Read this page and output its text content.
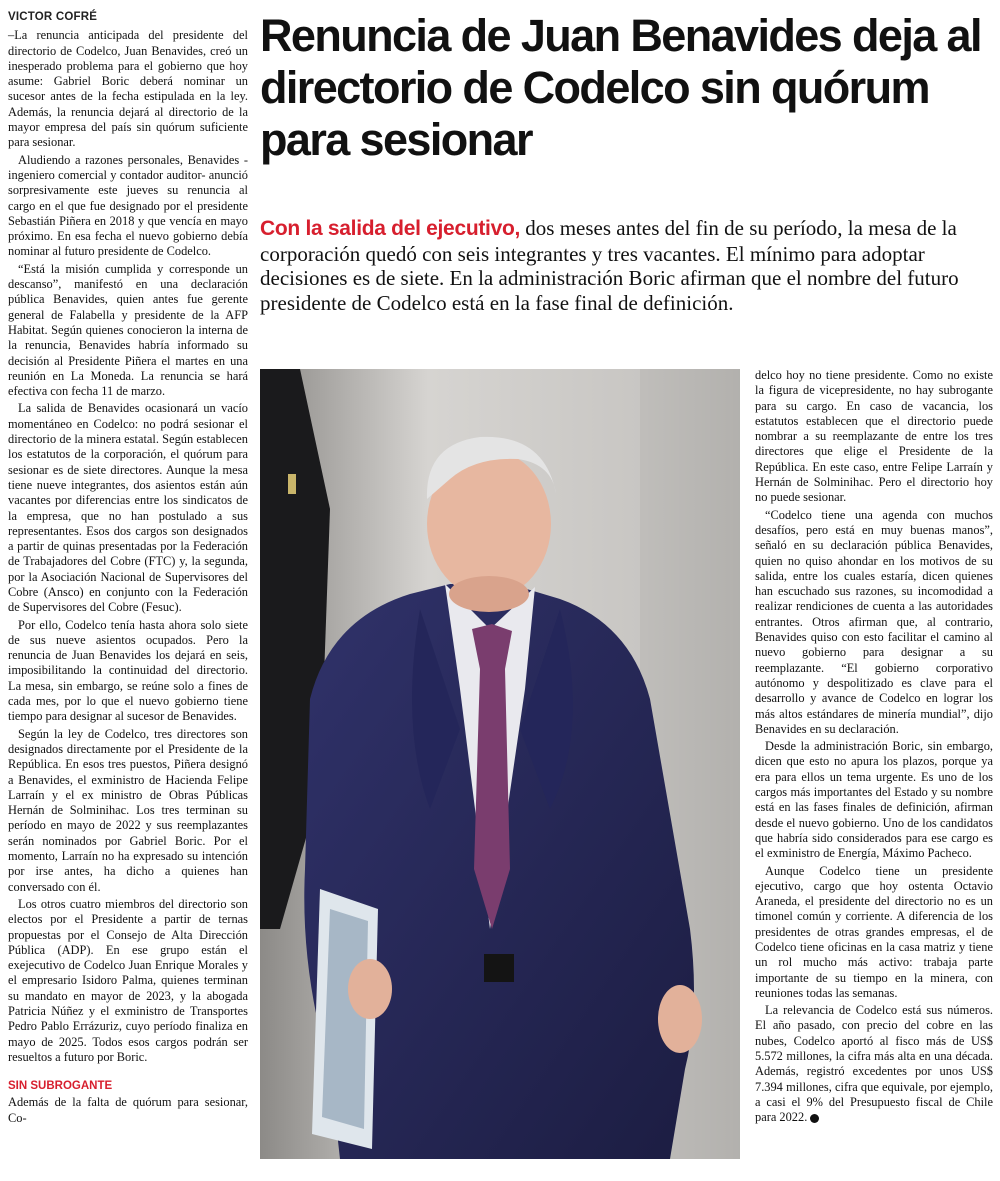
VICTOR COFRÉ

–La renuncia anticipada del presidente del directorio de Codelco, Juan Benavides, creó un inesperado problema para el gobierno que hoy asume: Gabriel Boric deberá nominar un sucesor antes de la fecha estipulada en la ley. Además, la renuncia dejará al directorio de la mayor empresa del país sin quórum suficiente para sesionar.

Aludiendo a razones personales, Benavides -ingeniero comercial y contador auditor- anunció sorpresivamente este jueves su renuncia al cargo en el que fue designado por el presidente Sebastián Piñera en 2018 y que vencía en mayo próximo. En esa fecha el nuevo gobierno debía nominar al futuro presidente de Codelco.

“Está la misión cumplida y corresponde un descanso”, manifestó en una declaración pública Benavides, quien antes fue gerente general de Falabella y presidente de la AFP Habitat. Según quienes conocieron la interna de la renuncia, Benavides habría informado su decisión al Presidente Piñera el martes en una reunión en La Moneda. La renuncia se hará efectiva con fecha 11 de marzo.

La salida de Benavides ocasionará un vacío momentáneo en Codelco: no podrá sesionar el directorio de la minera estatal. Según establecen los estatutos de la corporación, el quórum para sesionar es de siete directores. Aunque la mesa tiene nueve integrantes, dos asientos están aún vacantes por diferencias entre los sindicatos de la empresa, que no han postulado a sus representantes. Esos dos cargos son designados a partir de quinas presentadas por la Federación de Trabajadores del Cobre (FTC) y, la segunda, por la Asociación Nacional de Supervisores del Cobre (Ansco) en conjunto con la Federación de Supervisores del Cobre (Fesuc).

Por ello, Codelco tenía hasta ahora solo siete de sus nueve asientos ocupados. Pero la renuncia de Juan Benavides los dejará en seis, imposibilitando la continuidad del directorio. La mesa, sin embargo, se reúne solo a fines de cada mes, por lo que el nuevo gobierno tiene tiempo para designar al sucesor de Benavides.

Según la ley de Codelco, tres directores son designados directamente por el Presidente de la República. En esos tres puestos, Piñera designó a Benavides, el exministro de Hacienda Felipe Larraín y el ex ministro de Obras Públicas Hernán de Solminihac. Los tres terminan su período en mayo de 2022 y sus reemplazantes serán nominados por Gabriel Boric. Por el momento, Larraín no ha expresado su intención por irse antes, ha dicho a quienes han conversado con él.

Los otros cuatro miembros del directorio son electos por el Presidente a partir de ternas propuestas por el Consejo de Alta Dirección Pública (ADP). En ese grupo están el exejecutivo de Codelco Juan Enrique Morales y el empresario Isidoro Palma, quienes terminan su mandato en mayor de 2023, y la abogada Patricia Núñez y el exministro de Transportes Pedro Pablo Errázuriz, cuyo período finaliza en mayo de 2025. Todos esos cargos podrán ser resueltos a futuro por Boric.

SIN SUBROGANTE

Además de la falta de quórum para sesionar, Co-

Renuncia de Juan Benavides deja al directorio de Codelco sin quórum para sesionar

Con la salida del ejecutivo, dos meses antes del fin de su período, la mesa de la corporación quedó con seis integrantes y tres vacantes. El mínimo para adoptar decisiones es de siete. En la administración Boric afirman que el nombre del futuro presidente de Codelco está en la fase final de definición.

delco hoy no tiene presidente. Como no existe la figura de vicepresidente, no hay subrogante para su cargo. En caso de vacancia, los estatutos establecen que el directorio puede nombrar a su reemplazante de entre los tres directores que elige el Presidente de la República. En este caso, entre Felipe Larraín y Hernán de Solminihac. Pero el directorio hoy no puede sesionar.

“Codelco tiene una agenda con muchos desafíos, pero está en muy buenas manos”, señaló en su declaración pública Benavides, quien no quiso ahondar en los motivos de su salida, entre los cuales estaría, dicen quienes han escuchado sus razones, su incomodidad a realizar rendiciones de cuenta a las autoridades entrantes. Otros afirman que, al contrario, Benavides quiso con esto facilitar el camino al nuevo gobierno para designar a su reemplazante. “El gobierno corporativo autónomo y despolitizado es clave para el desarrollo y avance de Codelco en lograr los más altos estándares de minería mundial”, dijo Benavides en su declaración.

Desde la administración Boric, sin embargo, dicen que esto no apura los plazos, porque ya era para ellos un tema urgente. Es uno de los cargos más importantes del Estado y su nombre está en las fases finales de definición, afirman desde el nuevo gobierno. Uno de los candidatos que habría sido considerados para ese cargo es el exministro de Energía, Máximo Pacheco.

Aunque Codelco tiene un presidente ejecutivo, cargo que hoy ostenta Octavio Araneda, el presidente del directorio no es un timonel común y corriente. A diferencia de los presidentes de otras grandes empresas, el de Codelco tiene oficinas en la casa matriz y tiene un rol mucho más activo: trabaja parte importante de su tiempo en la minera, con reuniones todas las semanas.

La relevancia de Codelco está sus números. El año pasado, con precio del cobre en las nubes, Codelco aportó al fisco más de US$ 5.572 millones, la cifra más alta en una década. Además, registró excedentes por unos US$ 7.394 millones, cifra que equivale, por ejemplo, a casi el 9% del Presupuesto fiscal de Chile para 2022. P
